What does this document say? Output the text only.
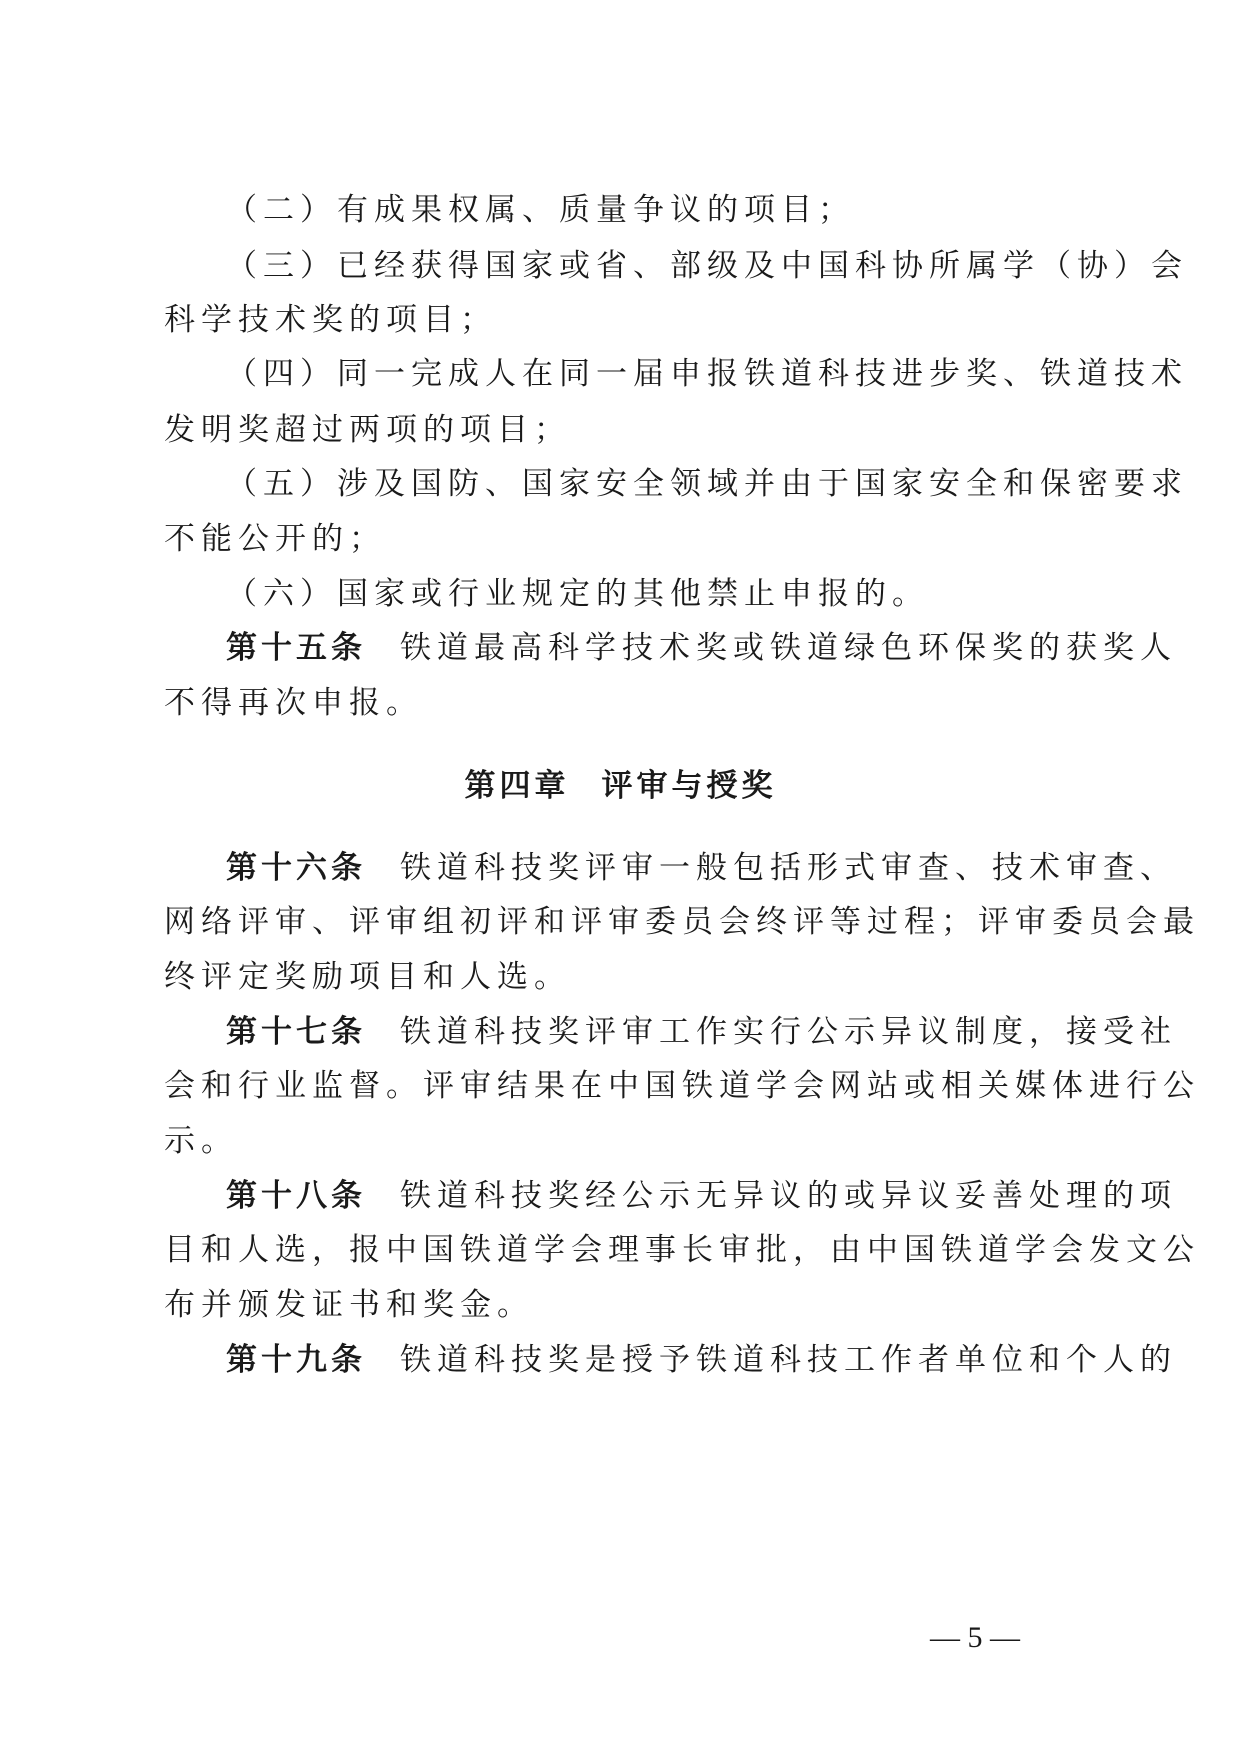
（二）有成果权属、质量争议的项目；
（三）已经获得国家或省、部级及中国科协所属学（协）会
科学技术奖的项目；
（四）同一完成人在同一届申报铁道科技进步奖、铁道技术
发明奖超过两项的项目；
（五）涉及国防、国家安全领域并由于国家安全和保密要求
不能公开的；
（六）国家或行业规定的其他禁止申报的。
第十五条 铁道最高科学技术奖或铁道绿色环保奖的获奖人
不得再次申报。
第四章 评审与授奖
第十六条 铁道科技奖评审一般包括形式审查、技术审查、
网络评审、评审组初评和评审委员会终评等过程；评审委员会最
终评定奖励项目和人选。
第十七条 铁道科技奖评审工作实行公示异议制度，接受社
会和行业监督。评审结果在中国铁道学会网站或相关媒体进行公
示。
第十八条 铁道科技奖经公示无异议的或异议妥善处理的项
目和人选，报中国铁道学会理事长审批，由中国铁道学会发文公
布并颁发证书和奖金。
第十九条 铁道科技奖是授予铁道科技工作者单位和个人的
— 5 —
